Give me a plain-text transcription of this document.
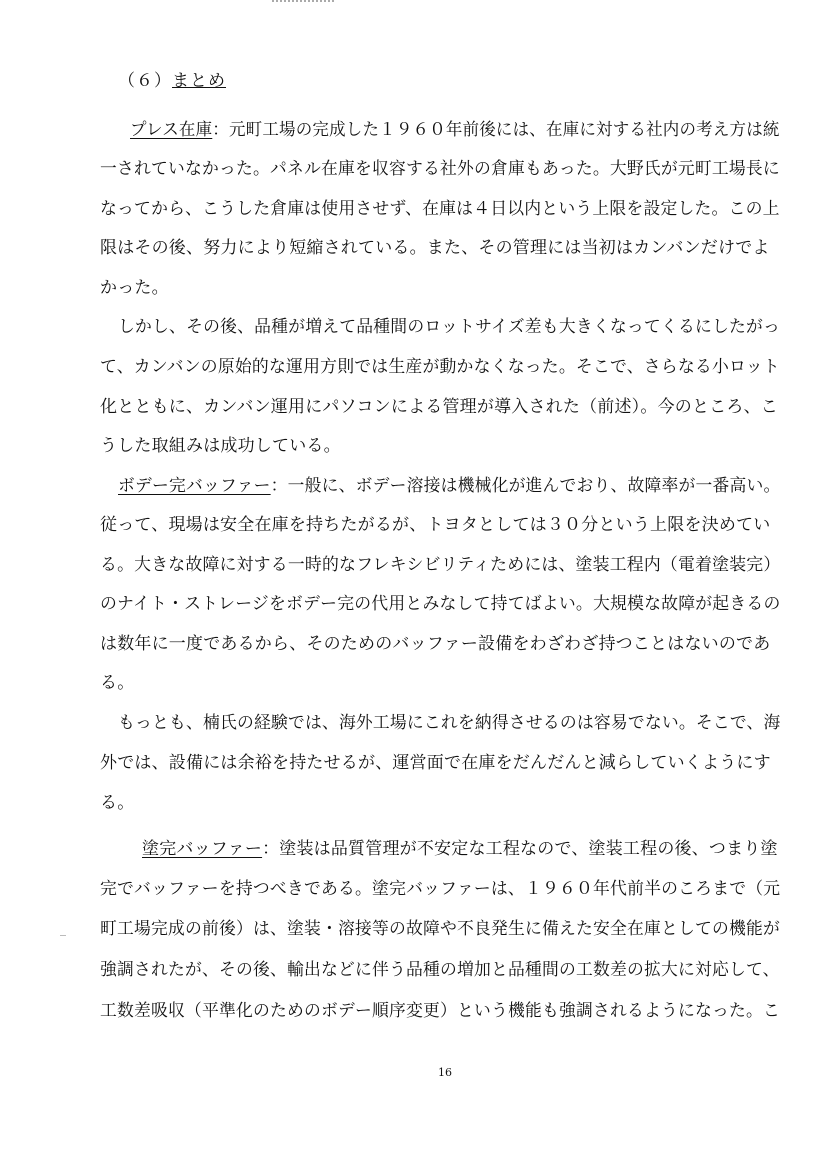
（６）まとめ
プレス在庫：元町工場の完成した１９６０年前後には、在庫に対する社内の考え方は統
一されていなかった。パネル在庫を収容する社外の倉庫もあった。大野氏が元町工場長に
なってから、こうした倉庫は使用させず、在庫は４日以内という上限を設定した。この上
限はその後、努力により短縮されている。また、その管理には当初はカンバンだけでよ
かった。
しかし、その後、品種が増えて品種間のロットサイズ差も大きくなってくるにしたがっ
て、カンバンの原始的な運用方則では生産が動かなくなった。そこで、さらなる小ロット
化とともに、カンバン運用にパソコンによる管理が導入された（前述）。今のところ、こ
うした取組みは成功している。
ボデー完バッファー：一般に、ボデー溶接は機械化が進んでおり、故障率が一番高い。
従って、現場は安全在庫を持ちたがるが、トヨタとしては３０分という上限を決めてい
る。大きな故障に対する一時的なフレキシビリティためには、塗装工程内（電着塗装完）
のナイト・ストレージをボデー完の代用とみなして持てばよい。大規模な故障が起きるの
は数年に一度であるから、そのためのバッファー設備をわざわざ持つことはないのであ
る。
もっとも、楠氏の経験では、海外工場にこれを納得させるのは容易でない。そこで、海
外では、設備には余裕を持たせるが、運営面で在庫をだんだんと減らしていくようにす
る。
塗完バッファー：塗装は品質管理が不安定な工程なので、塗装工程の後、つまり塗
完でバッファーを持つべきである。塗完バッファーは、１９６０年代前半のころまで（元
町工場完成の前後）は、塗装・溶接等の故障や不良発生に備えた安全在庫としての機能が
強調されたが、その後、輸出などに伴う品種の増加と品種間の工数差の拡大に対応して、
工数差吸収（平準化のためのボデー順序変更）という機能も強調されるようになった。こ
16
